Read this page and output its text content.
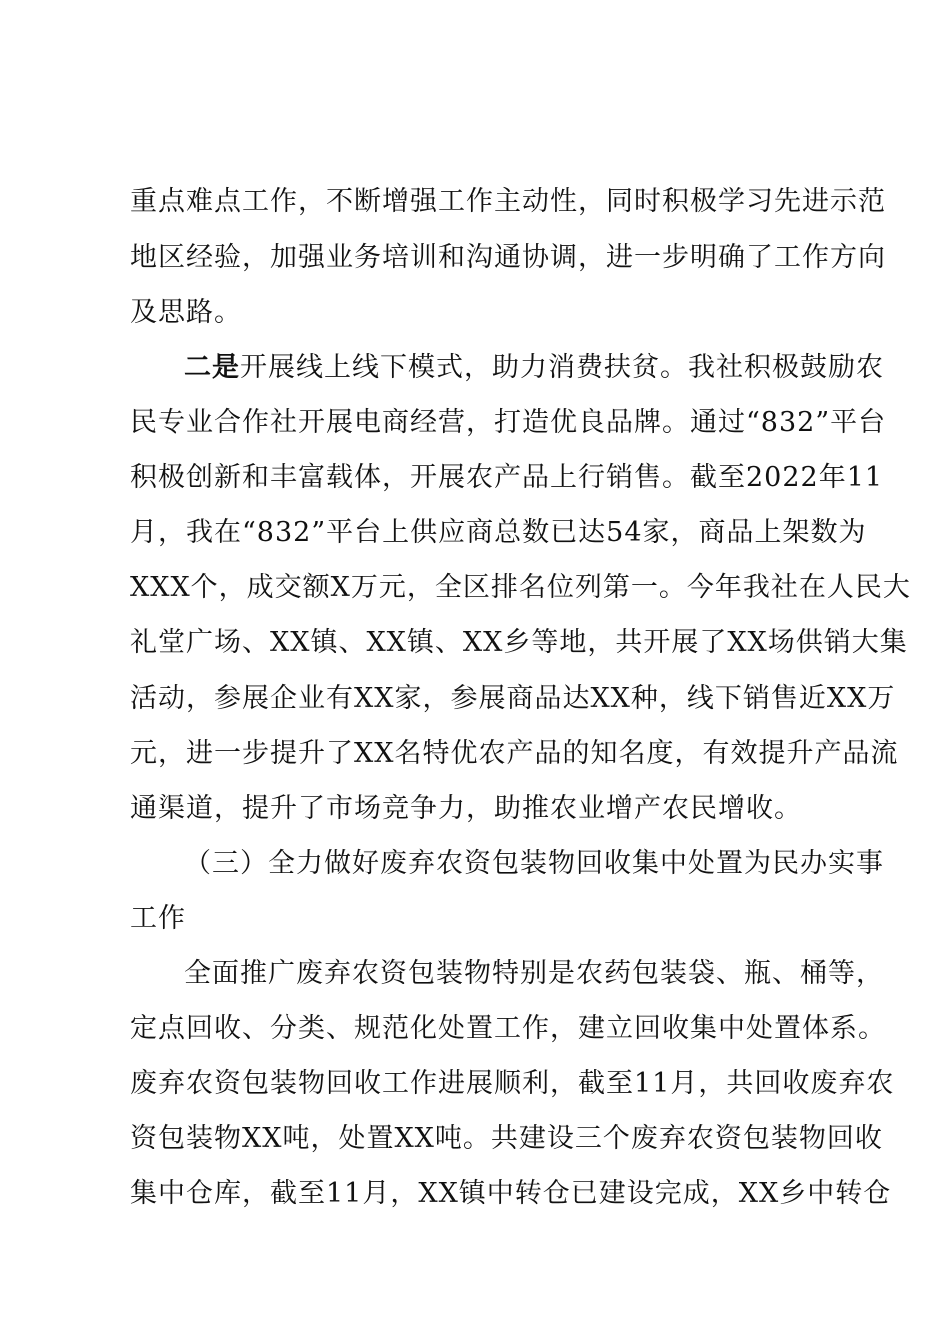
重点难点工作，不断增强工作主动性，同时积极学习先进示范
地区经验，加强业务培训和沟通协调，进一步明确了工作方向
及思路。
二是开展线上线下模式，助力消费扶贫。我社积极鼓励农
民专业合作社开展电商经营，打造优良品牌。通过“832”平台
积极创新和丰富载体，开展农产品上行销售。截至2022年11
月，我在“832”平台上供应商总数已达54家，商品上架数为
XXX个，成交额X万元，全区排名位列第一。今年我社在人民大
礼堂广场、XX镇、XX镇、XX乡等地，共开展了XX场供销大集
活动，参展企业有XX家，参展商品达XX种，线下销售近XX万
元，进一步提升了XX名特优农产品的知名度，有效提升产品流
通渠道，提升了市场竞争力，助推农业增产农民增收。
（三）全力做好废弃农资包装物回收集中处置为民办实事
工作
全面推广废弃农资包装物特别是农药包装袋、瓶、桶等，
定点回收、分类、规范化处置工作，建立回收集中处置体系。
废弃农资包装物回收工作进展顺利，截至11月，共回收废弃农
资包装物XX吨，处置XX吨。共建设三个废弃农资包装物回收
集中仓库，截至11月，XX镇中转仓已建设完成，XX乡中转仓
